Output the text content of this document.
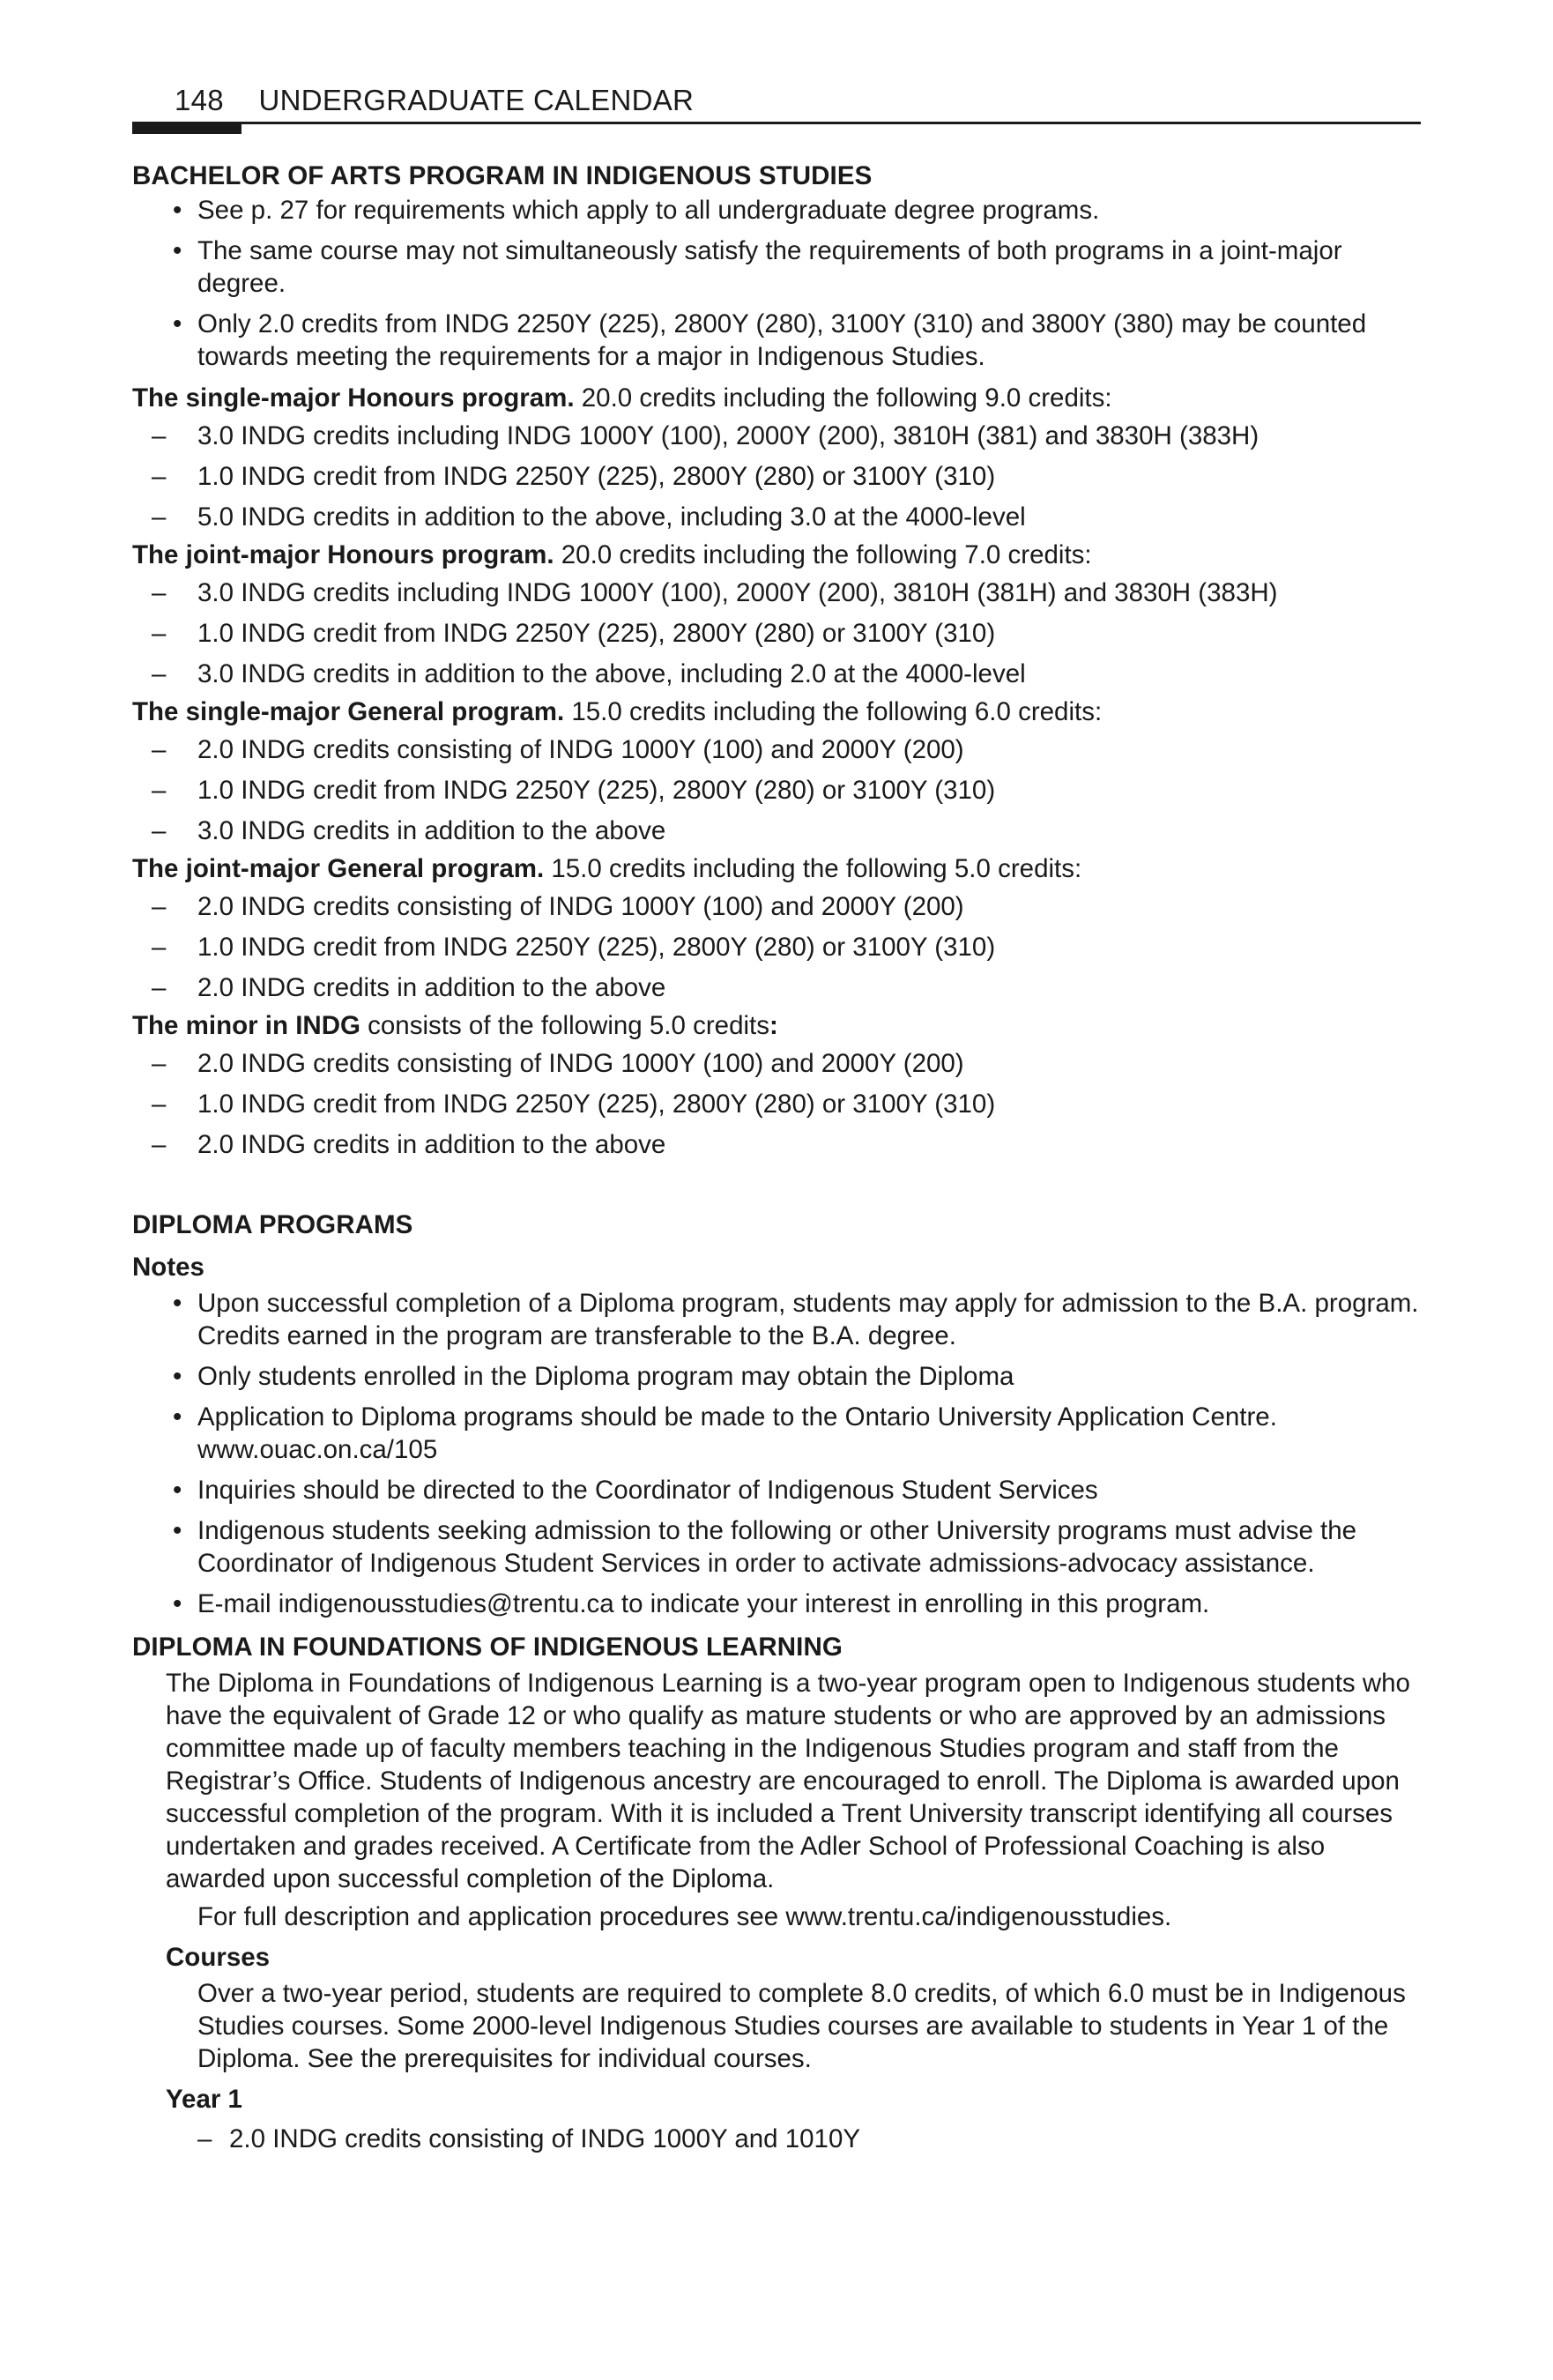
148 UNDERGRADUATE CALENDAR
BACHELOR OF ARTS PROGRAM IN INDIGENOUS STUDIES
• See p. 27 for requirements which apply to all undergraduate degree programs.
• The same course may not simultaneously satisfy the requirements of both programs in a joint-major degree.
• Only 2.0 credits from INDG 2250Y (225), 2800Y (280), 3100Y (310) and 3800Y (380) may be counted towards meeting the requirements for a major in Indigenous Studies.

The single-major Honours program. 20.0 credits including the following 9.0 credits:

– 3.0 INDG credits including INDG 1000Y (100), 2000Y (200), 3810H (381) and 3830H (383H)
– 1.0 INDG credit from INDG 2250Y (225), 2800Y (280) or 3100Y (310)
– 5.0 INDG credits in addition to the above, including 3.0 at the 4000-level

The joint-major Honours program. 20.0 credits including the following 7.0 credits:

– 3.0 INDG credits including INDG 1000Y (100), 2000Y (200), 3810H (381H) and 3830H (383H)
– 1.0 INDG credit from INDG 2250Y (225), 2800Y (280) or 3100Y (310)
– 3.0 INDG credits in addition to the above, including 2.0 at the 4000-level

The single-major General program. 15.0 credits including the following 6.0 credits:

– 2.0 INDG credits consisting of INDG 1000Y (100) and 2000Y (200)
– 1.0 INDG credit from INDG 2250Y (225), 2800Y (280) or 3100Y (310)
– 3.0 INDG credits in addition to the above

The joint-major General program. 15.0 credits including the following 5.0 credits:

– 2.0 INDG credits consisting of INDG 1000Y (100) and 2000Y (200)
– 1.0 INDG credit from INDG 2250Y (225), 2800Y (280) or 3100Y (310)
– 2.0 INDG credits in addition to the above

The minor in INDG consists of the following 5.0 credits:

– 2.0 INDG credits consisting of INDG 1000Y (100) and 2000Y (200)
– 1.0 INDG credit from INDG 2250Y (225), 2800Y (280) or 3100Y (310)
– 2.0 INDG credits in addition to the above
DIPLOMA PROGRAMS
Notes
• Upon successful completion of a Diploma program, students may apply for admission to the B.A. program. Credits earned in the program are transferable to the B.A. degree.
• Only students enrolled in the Diploma program may obtain the Diploma
• Application to Diploma programs should be made to the Ontario University Application Centre. www.ouac.on.ca/105
• Inquiries should be directed to the Coordinator of Indigenous Student Services
• Indigenous students seeking admission to the following or other University programs must advise the Coordinator of Indigenous Student Services in order to activate admissions-advocacy assistance.
• E-mail indigenousstudies@trentu.ca to indicate your interest in enrolling in this program.
DIPLOMA IN FOUNDATIONS OF INDIGENOUS LEARNING

The Diploma in Foundations of Indigenous Learning is a two-year program open to Indigenous students who have the equivalent of Grade 12 or who qualify as mature students or who are approved by an admissions committee made up of faculty members teaching in the Indigenous Studies program and staff from the Registrar’s Office. Students of Indigenous ancestry are encouraged to enroll. The Diploma is awarded upon successful completion of the program. With it is included a Trent University transcript identifying all courses undertaken and grades received. A Certificate from the Adler School of Professional Coaching is also awarded upon successful completion of the Diploma.

For full description and application procedures see www.trentu.ca/indigenousstudies.

Courses
Over a two-year period, students are required to complete 8.0 credits, of which 6.0 must be in Indigenous Studies courses. Some 2000-level Indigenous Studies courses are available to students in Year 1 of the Diploma. See the prerequisites for individual courses.
Year 1
– 2.0 INDG credits consisting of INDG 1000Y and 1010Y
